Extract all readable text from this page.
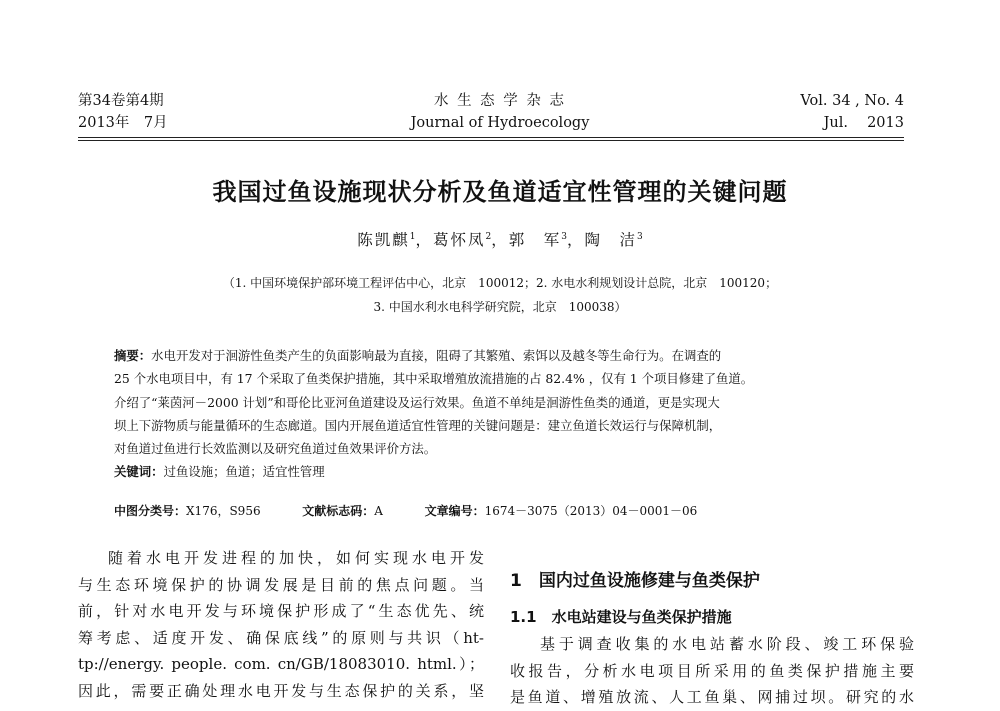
第34卷第4期
2013年　7月
水 生 态 学 杂 志
Journal of Hydroecology
Vol. 34 , No. 4
Jul.　 2013
我国过鱼设施现状分析及鱼道适宜性管理的关键问题
陈凯麒$^1$，葛怀凤$^2$，郭　军$^3$，陶　洁$^3$
（1. 中国环境保护部环境工程评估中心，北京　100012；2. 水电水利规划设计总院，北京　100120；
3. 中国水利水电科学研究院，北京　100038）
摘要：水电开发对于洄游性鱼类产生的负面影响最为直接，阻碍了其繁殖、索饵以及越冬等生命行为。在调查的
25 个水电项目中，有 17 个采取了鱼类保护措施，其中采取增殖放流措施的占 82.4% ，仅有 1 个项目修建了鱼道。
介绍了“莱茵河－2000 计划”和哥伦比亚河鱼道建设及运行效果。鱼道不单纯是洄游性鱼类的通道，更是实现大
坝上下游物质与能量循环的生态廊道。国内开展鱼道适宜性管理的关键问题是：建立鱼道长效运行与保障机制，
对鱼道过鱼进行长效监测以及研究鱼道过鱼效果评价方法。
关键词：过鱼设施；鱼道；适宜性管理
中图分类号：X176，S956	文献标志码：A	文章编号：1674－3075（2013）04－0001－06
随着水电开发进程的加快，如何实现水电开发
与生态环境保护的协调发展是目前的焦点问题。当
前，针对水电开发与环境保护形成了“生态优先、统
筹考虑、适度开发、确保底线”的原则与共识（ht-
tp://energy. people. com. cn/GB/18083010. html.）；
因此，需要正确处理水电开发与生态保护的关系，坚
1　国内过鱼设施修建与鱼类保护
1.1　水电站建设与鱼类保护措施
基于调查收集的水电站蓄水阶段、竣工环保验
收报告，分析水电项目所采用的鱼类保护措施主要
是鱼道、增殖放流、人工鱼巢、网捕过坝。研究的水
